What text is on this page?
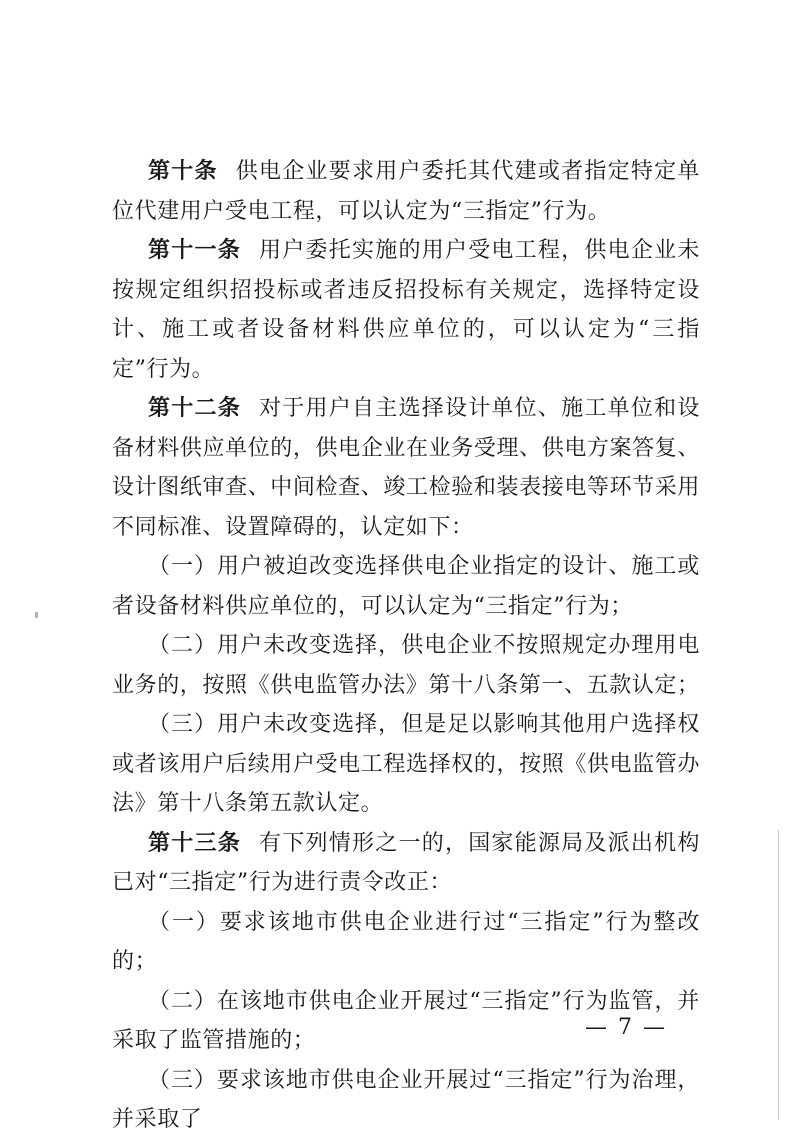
第十条 供电企业要求用户委托其代建或者指定特定单位代建用户受电工程，可以认定为“三指定”行为。

第十一条 用户委托实施的用户受电工程，供电企业未按规定组织招投标或者违反招投标有关规定，选择特定设计、施工或者设备材料供应单位的，可以认定为“三指定”行为。

第十二条 对于用户自主选择设计单位、施工单位和设备材料供应单位的，供电企业在业务受理、供电方案答复、设计图纸审查、中间检查、竣工检验和装表接电等环节采用不同标准、设置障碍的，认定如下：

（一）用户被迫改变选择供电企业指定的设计、施工或者设备材料供应单位的，可以认定为“三指定”行为；

（二）用户未改变选择，供电企业不按照规定办理用电业务的，按照《供电监管办法》第十八条第一、五款认定；

（三）用户未改变选择，但是足以影响其他用户选择权或者该用户后续用户受电工程选择权的，按照《供电监管办法》第十八条第五款认定。

第十三条 有下列情形之一的，国家能源局及派出机构已对“三指定”行为进行责令改正：

（一）要求该地市供电企业进行过“三指定”行为整改的；

（二）在该地市供电企业开展过“三指定”行为监管，并采取了监管措施的；

（三）要求该地市供电企业开展过“三指定”行为治理，并采取了

— 7 —
